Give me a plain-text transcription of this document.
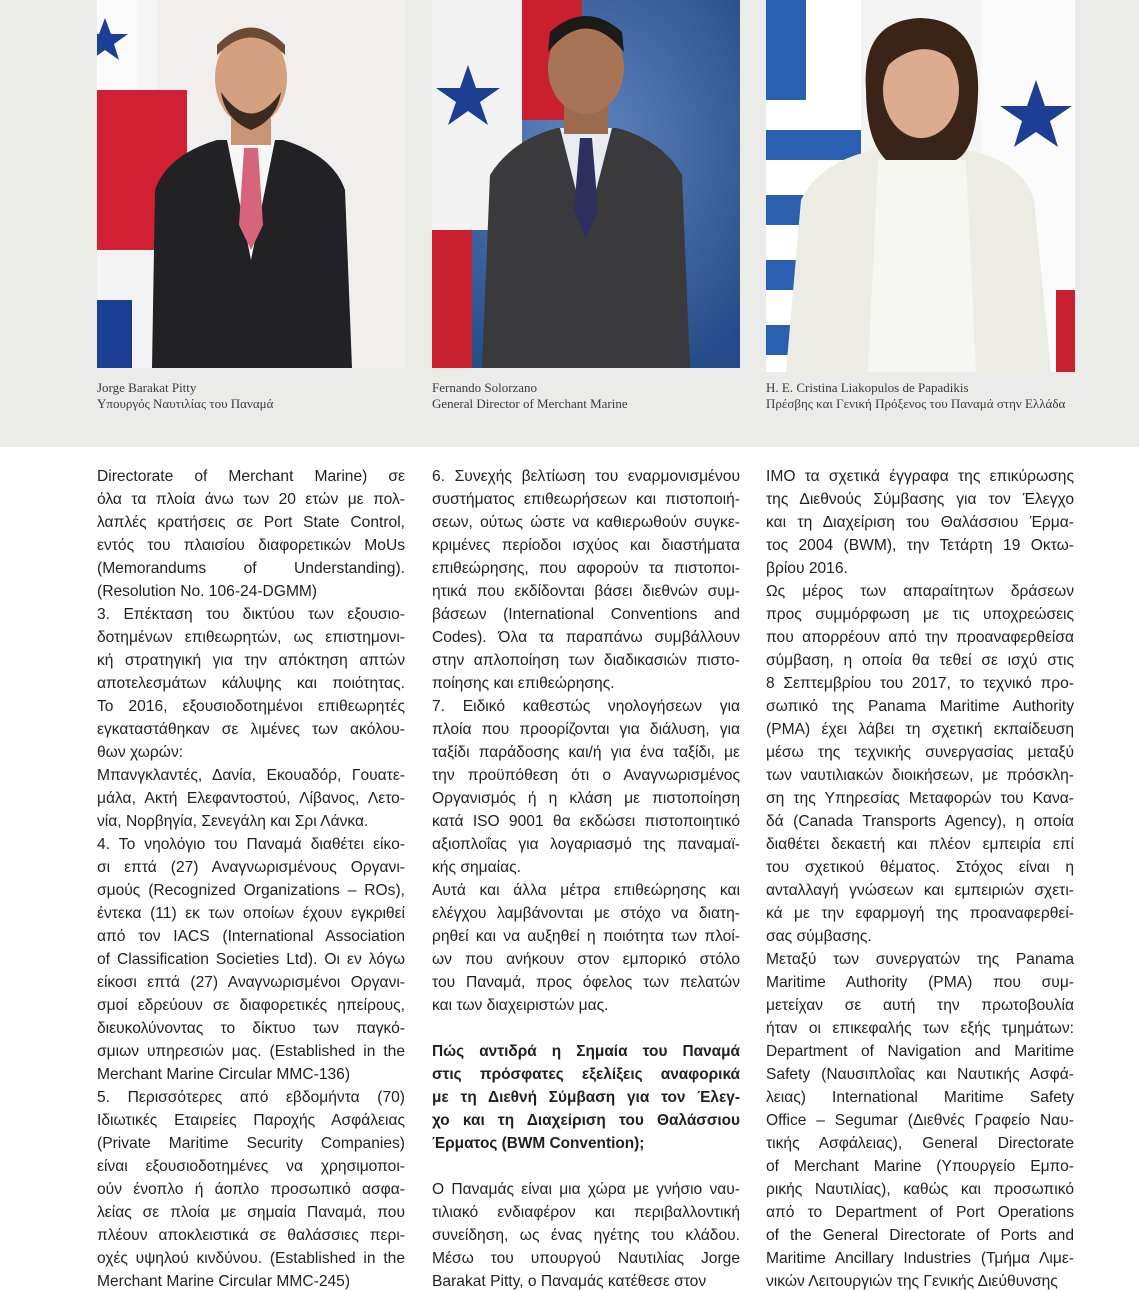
Jorge Barakat Pitty
Υπουργός Ναυτιλίας του Παναμά
Fernando Solorzano
General Director of Merchant Marine
H. E. Cristina Liakopulos de Papadikis
Πρέσβης και Γενική Πρόξενος του Παναμά στην Ελλάδα
Directorate of Merchant Marine) σε
όλα τα πλοία άνω των 20 ετών με πολ-
λαπλές κρατήσεις σε Port State Control,
εντός του πλαισίου διαφορετικών MoUs
(Memorandums of Understanding).
(Resolution No. 106-24-DGMM)
3. Επέκταση του δικτύου των εξουσιο-
δοτημένων επιθεωρητών, ως επιστημονι-
κή στρατηγική για την απόκτηση απτών
αποτελεσμάτων κάλυψης και ποιότητας.
Το 2016, εξουσιοδοτημένοι επιθεωρητές
εγκαταστάθηκαν σε λιμένες των ακόλου-
θων χωρών:
Μπανγκλαντές, Δανία, Εκουαδόρ, Γουατε-
μάλα, Ακτή Ελεφαντοστού, Λίβανος, Λετο-
νία, Νορβηγία, Σενεγάλη και Σρι Λάνκα.
4. Το νηολόγιο του Παναμά διαθέτει είκο-
σι επτά (27) Αναγνωρισμένους Οργανι-
σμούς (Recognized Organizations – ROs),
έντεκα (11) εκ των οποίων έχουν εγκριθεί
από τον IACS (International Association
of Classification Societies Ltd). Οι εν λόγω
είκοσι επτά (27) Αναγνωρισμένοι Οργανι-
σμοί εδρεύουν σε διαφορετικές ηπείρους,
διευκολύνοντας το δίκτυο των παγκό-
σμιων υπηρεσιών μας. (Established in the
Merchant Marine Circular MMC-136)
5. Περισσότερες από εβδομήντα (70)
Ιδιωτικές Εταιρείες Παροχής Ασφάλειας
(Private Maritime Security Companies)
είναι εξουσιοδοτημένες να χρησιμοποι-
ούν ένοπλο ή άοπλο προσωπικό ασφα-
λείας σε πλοία με σημαία Παναμά, που
πλέουν αποκλειστικά σε θαλάσσιες περι-
οχές υψηλού κινδύνου. (Established in the
Merchant Marine Circular MMC-245)
6. Συνεχής βελτίωση του εναρμονισμένου
συστήματος επιθεωρήσεων και πιστοποιή-
σεων, ούτως ώστε να καθιερωθούν συγκε-
κριμένες περίοδοι ισχύος και διαστήματα
επιθεώρησης, που αφορούν τα πιστοποι-
ητικά που εκδίδονται βάσει διεθνών συμ-
βάσεων (International Conventions and
Codes). Όλα τα παραπάνω συμβάλλουν
στην απλοποίηση των διαδικασιών πιστο-
ποίησης και επιθεώρησης.
7. Ειδικό καθεστώς νηολογήσεων για
πλοία που προορίζονται για διάλυση, για
ταξίδι παράδοσης και/ή για ένα ταξίδι, με
την προϋπόθεση ότι ο Αναγνωρισμένος
Οργανισμός ή η κλάση με πιστοποίηση
κατά ISO 9001 θα εκδώσει πιστοποιητικό
αξιοπλοΐας για λογαριασμό της παναμαϊ-
κής σημαίας.
Αυτά και άλλα μέτρα επιθεώρησης και
ελέγχου λαμβάνονται με στόχο να διατη-
ρηθεί και να αυξηθεί η ποιότητα των πλοί-
ων που ανήκουν στον εμπορικό στόλο
του Παναμά, προς όφελος των πελατών
και των διαχειριστών μας.
Πώς αντιδρά η Σημαία του Παναμά
στις πρόσφατες εξελίξεις αναφορικά
με τη Διεθνή Σύμβαση για τον Έλεγ-
χο και τη Διαχείριση του Θαλάσσιου
Έρματος (BWM Convention);
Ο Παναμάς είναι μια χώρα με γνήσιο ναυ-
τιλιακό ενδιαφέρον και περιβαλλοντική
συνείδηση, ως ένας ηγέτης του κλάδου.
Μέσω του υπουργού Ναυτιλίας Jorge
Barakat Pitty, ο Παναμάς κατέθεσε στον
IMO τα σχετικά έγγραφα της επικύρωσης
της Διεθνούς Σύμβασης για τον Έλεγχο
και τη Διαχείριση του Θαλάσσιου Έρμα-
τος 2004 (BWM), την Τετάρτη 19 Οκτω-
βρίου 2016.
Ως μέρος των απαραίτητων δράσεων
προς συμμόρφωση με τις υποχρεώσεις
που απορρέουν από την προαναφερθείσα
σύμβαση, η οποία θα τεθεί σε ισχύ στις
8 Σεπτεμβρίου του 2017, το τεχνικό προ-
σωπικό της Panama Maritime Authority
(PMA) έχει λάβει τη σχετική εκπαίδευση
μέσω της τεχνικής συνεργασίας μεταξύ
των ναυτιλιακών διοικήσεων, με πρόσκλη-
ση της Υπηρεσίας Μεταφορών του Κανα-
δά (Canada Transports Agency), η οποία
διαθέτει δεκαετή και πλέον εμπειρία επί
του σχετικού θέματος. Στόχος είναι η
ανταλλαγή γνώσεων και εμπειριών σχετι-
κά με την εφαρμογή της προαναφερθεί-
σας σύμβασης.
Μεταξύ των συνεργατών της Panama
Maritime Authority (PMA) που συμ-
μετείχαν σε αυτή την πρωτοβουλία
ήταν οι επικεφαλής των εξής τμημάτων:
Department of Navigation and Maritime
Safety (Ναυσιπλοΐας και Ναυτικής Ασφά-
λειας) International Maritime Safety
Office – Segumar (Διεθνές Γραφείο Ναυ-
τικής Ασφάλειας), General Directorate
of Merchant Marine (Υπουργείο Εμπο-
ρικής Ναυτιλίας), καθώς και προσωπικό
από το Department of Port Operations
of the General Directorate of Ports and
Maritime Ancillary Industries (Τμήμα Λιμε-
νικών Λειτουργιών της Γενικής Διεύθυνσης
